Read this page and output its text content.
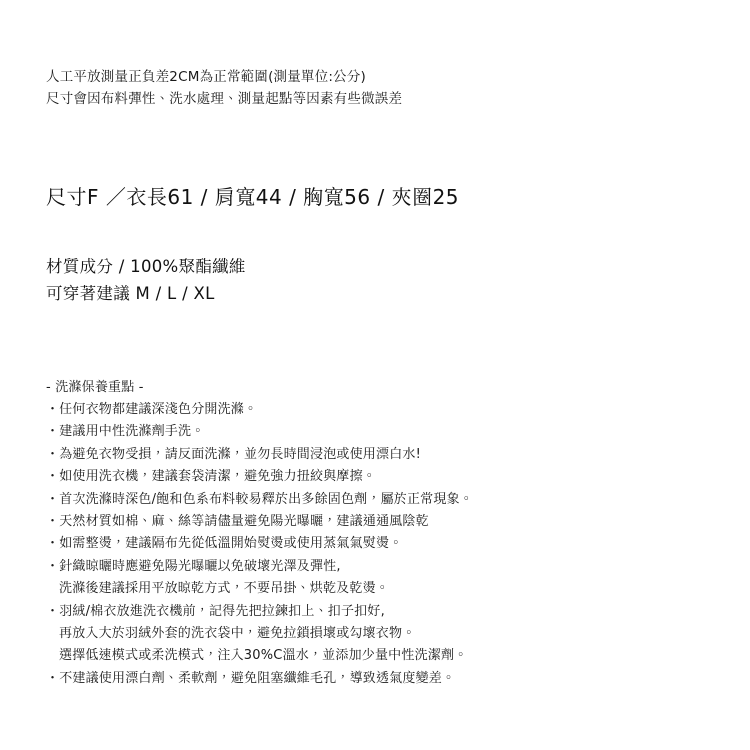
人工平放測量正負差2CM為正常範圍(測量單位:公分)
尺寸會因布料彈性、洗水處理、測量起點等因素有些微誤差
尺寸F ／衣長61 / 肩寬44 / 胸寬56 / 夾圈25
材質成分 / 100%聚酯纖維
可穿著建議 M / L / XL
- 洗滌保養重點 -
・任何衣物都建議深淺色分開洗滌。
・建議用中性洗滌劑手洗。
・為避免衣物受損，請反面洗滌，並勿長時間浸泡或使用漂白水!
・如使用洗衣機，建議套袋清潔，避免強力扭絞與摩擦。
・首次洗滌時深色/飽和色系布料較易釋於出多餘固色劑，屬於正常現象。
・天然材質如棉、麻、絲等請儘量避免陽光曝曬，建議通通風陰乾
・如需整燙，建議隔布先從低溫開始熨燙或使用蒸氣氣熨燙。
・針織晾曬時應避免陽光曝曬以免破壞光澤及彈性,
洗滌後建議採用平放晾乾方式，不要吊掛、烘乾及乾燙。
・羽絨/棉衣放進洗衣機前，記得先把拉鍊扣上、扣子扣好,
再放入大於羽絨外套的洗衣袋中，避免拉鎖損壞或勾壞衣物。
選擇低速模式或柔洗模式，注入30%C溫水，並添加少量中性洗潔劑。
・不建議使用漂白劑、柔軟劑，避免阻塞纖維毛孔，導致透氣度變差。
